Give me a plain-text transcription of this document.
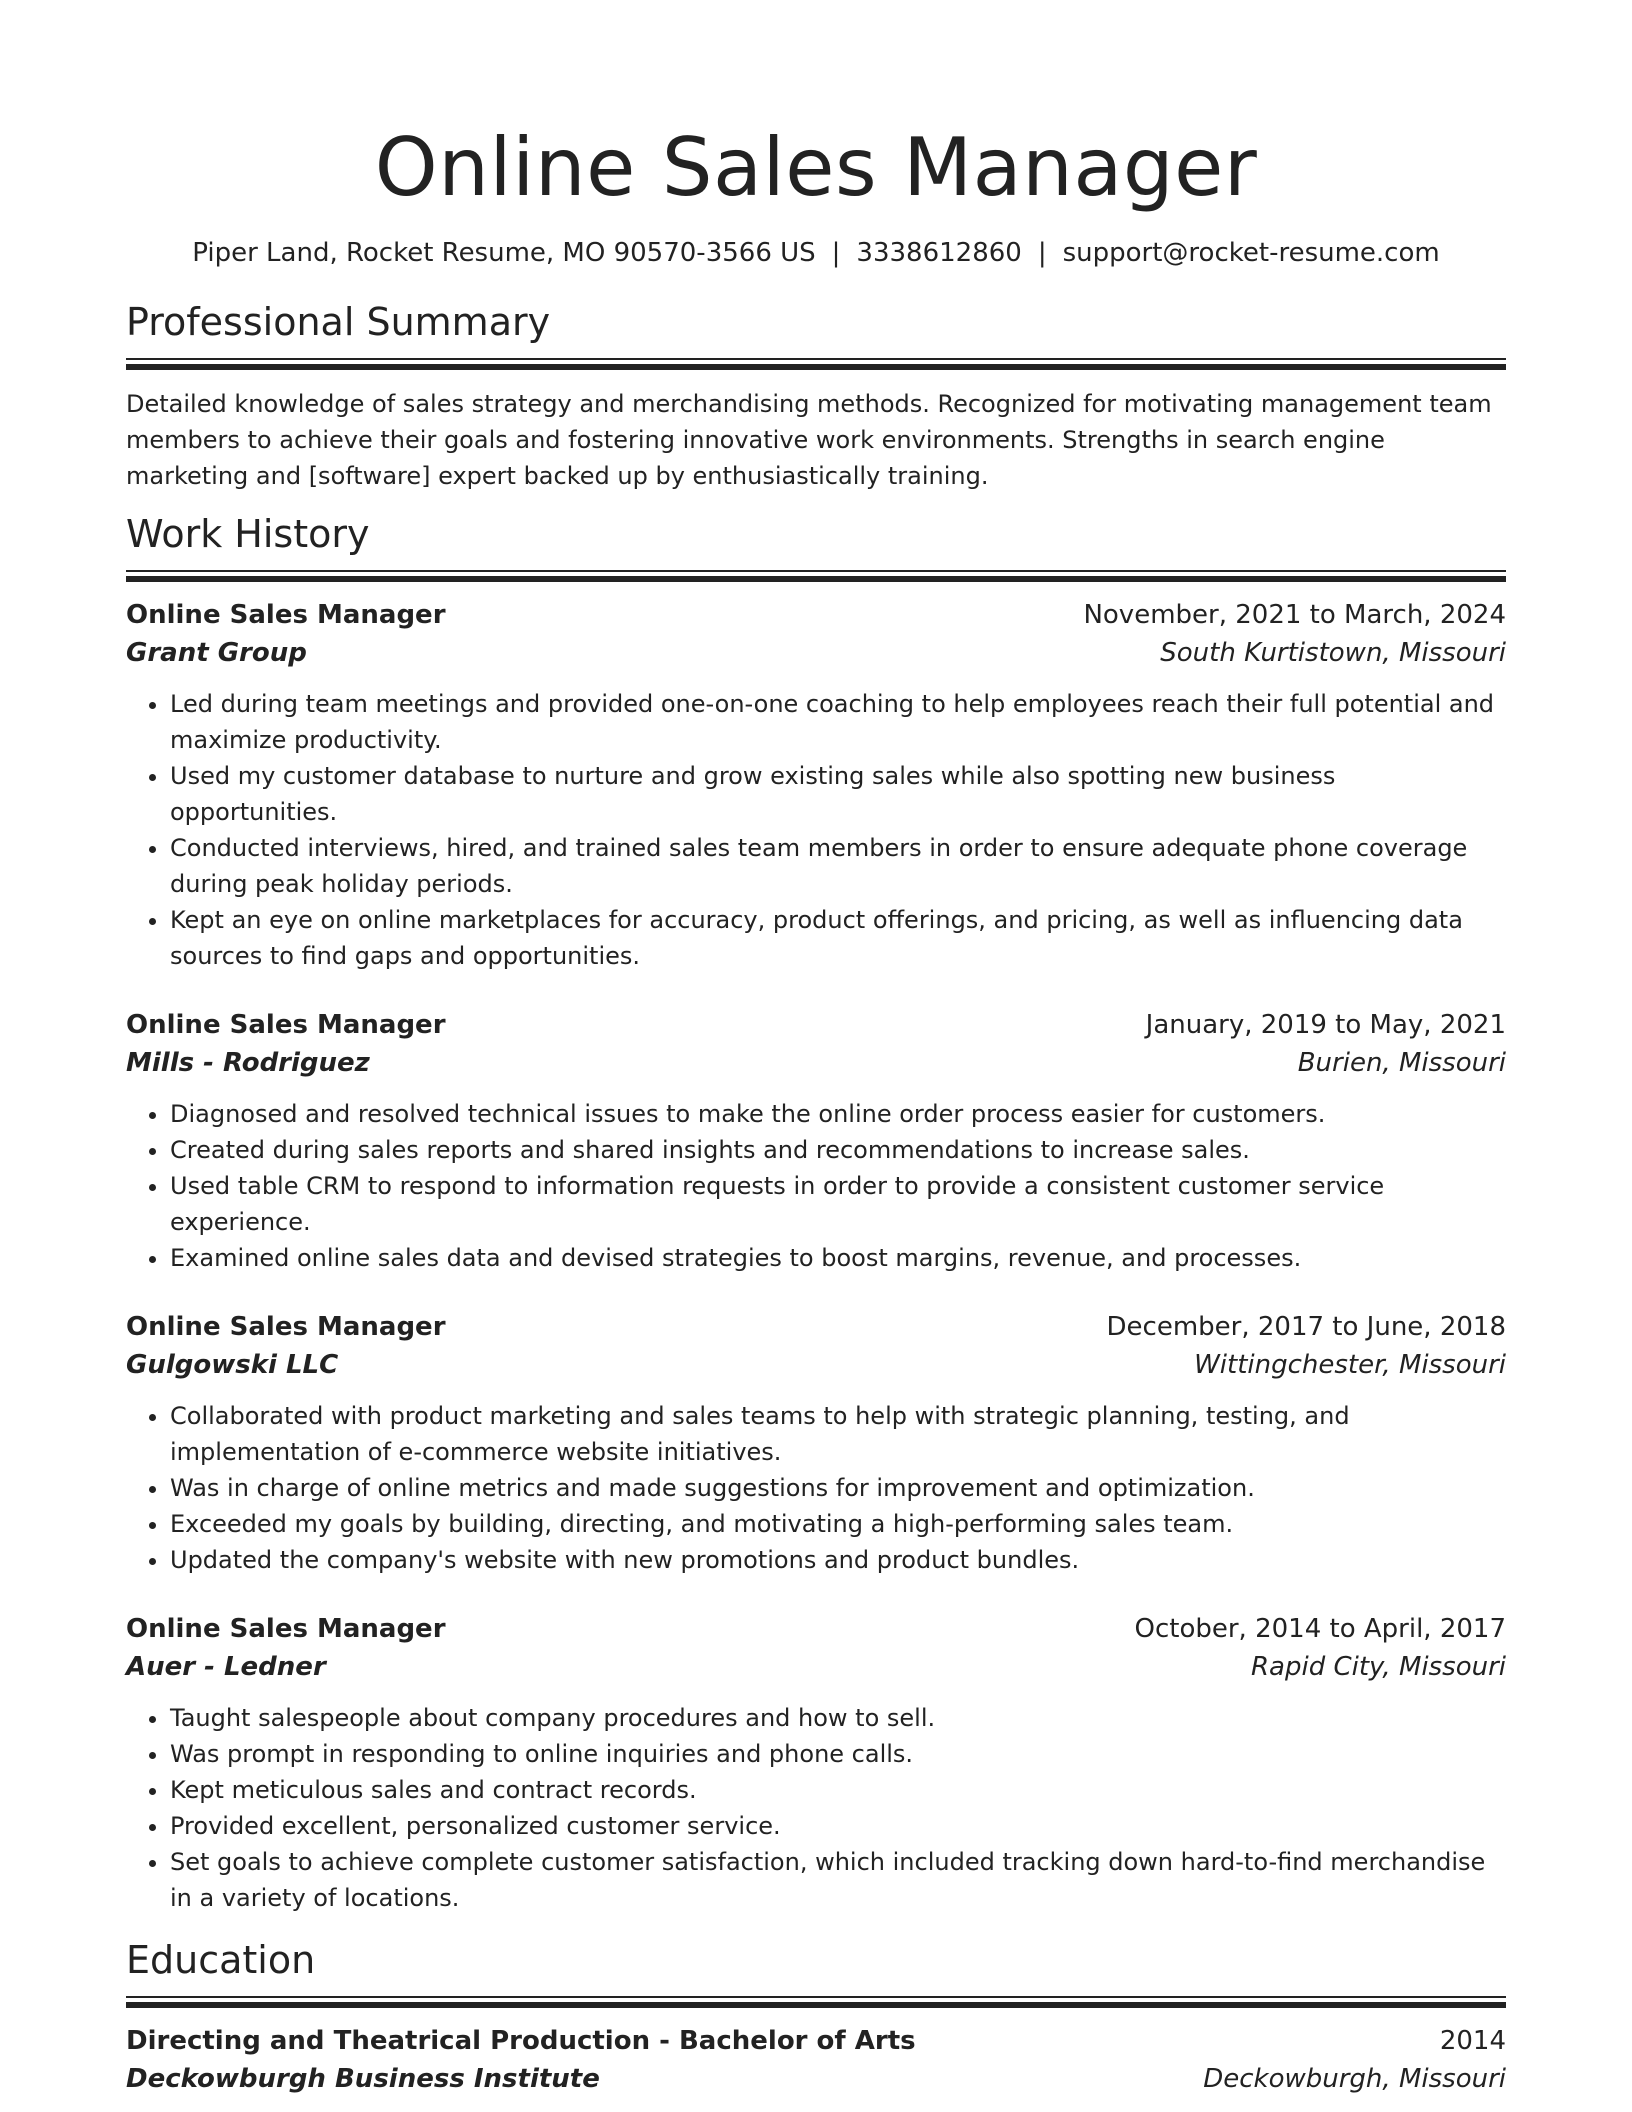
Online Sales Manager
Piper Land, Rocket Resume, MO 90570-3566 US | 3338612860 | support@rocket-resume.com
Professional Summary
Detailed knowledge of sales strategy and merchandising methods. Recognized for motivating management team members to achieve their goals and fostering innovative work environments. Strengths in search engine marketing and [software] expert backed up by enthusiastically training.
Work History
Online Sales Manager	November, 2021 to March, 2024
Grant Group	South Kurtistown, Missouri
• Led during team meetings and provided one-on-one coaching to help employees reach their full potential and maximize productivity.
• Used my customer database to nurture and grow existing sales while also spotting new business opportunities.
• Conducted interviews, hired, and trained sales team members in order to ensure adequate phone coverage during peak holiday periods.
• Kept an eye on online marketplaces for accuracy, product offerings, and pricing, as well as influencing data sources to find gaps and opportunities.
Online Sales Manager	January, 2019 to May, 2021
Mills - Rodriguez	Burien, Missouri
• Diagnosed and resolved technical issues to make the online order process easier for customers.
• Created during sales reports and shared insights and recommendations to increase sales.
• Used table CRM to respond to information requests in order to provide a consistent customer service experience.
• Examined online sales data and devised strategies to boost margins, revenue, and processes.
Online Sales Manager	December, 2017 to June, 2018
Gulgowski LLC	Wittingchester, Missouri
• Collaborated with product marketing and sales teams to help with strategic planning, testing, and implementation of e-commerce website initiatives.
• Was in charge of online metrics and made suggestions for improvement and optimization.
• Exceeded my goals by building, directing, and motivating a high-performing sales team.
• Updated the company's website with new promotions and product bundles.
Online Sales Manager	October, 2014 to April, 2017
Auer - Ledner	Rapid City, Missouri
• Taught salespeople about company procedures and how to sell.
• Was prompt in responding to online inquiries and phone calls.
• Kept meticulous sales and contract records.
• Provided excellent, personalized customer service.
• Set goals to achieve complete customer satisfaction, which included tracking down hard-to-find merchandise in a variety of locations.
Education
Directing and Theatrical Production - Bachelor of Arts	2014
Deckowburgh Business Institute	Deckowburgh, Missouri
